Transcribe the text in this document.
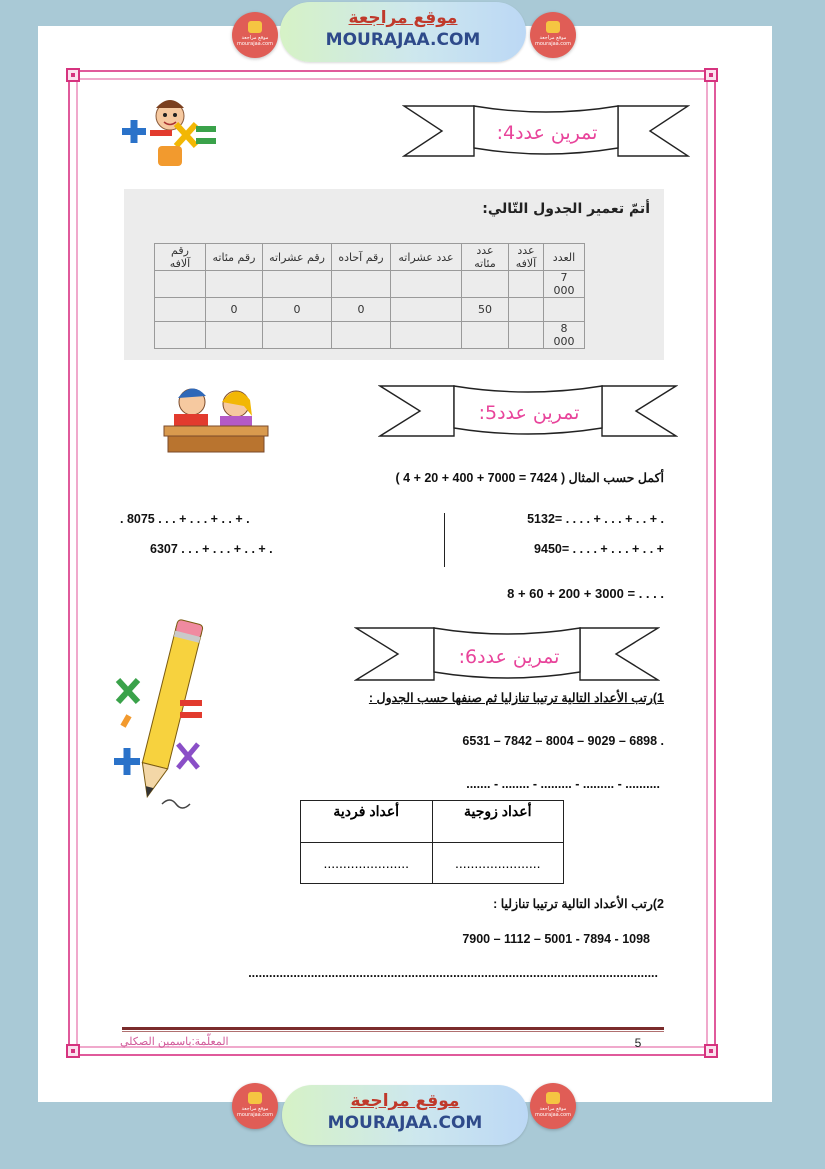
موقع مراجعة
MOURAJAA.COM
موقع مراجعة
mourajaa.com
موقع مراجعة
mourajaa.com
تمرين عدد4:
أتمّ تعمير الجدول التّالي:
العدد	عدد آلافه	عدد مئاته	عدد عشراته	رقم آحاده	رقم عشراته	رقم مئاته	رقم آلافه
7 000							
		50		0	0	0	
8 000							
تمرين عدد5:
أكمل حسب المثال ( 7424 = 7000 + 400 + 20 + 4 )
5132= . . . . + . . . + . . + .
9450= . . . . + . . . + . . +
. 8075 . . . + . . . + . . + .
6307 . . . + . . . + . . + .
8 + 60 + 200 + 3000 = . . . .
تمرين عدد6:
1)رتب الأعداد التالية ترتيبا تنازليا ثم صنفها حسب الجدول :
6531 – 7842 – 8004 – 9029 – 6898 .
....... - ........ - ......... - ......... - ..........
أعداد زوجية	أعداد فردية
......................	......................
2)رتب الأعداد التالية ترتيبا تنازليا :
7900 – 1112 – 5001 - 7894 - 1098
......................................................................................................................
المعلّمة:ياسمين الصكلي	5
موقع مراجعة
MOURAJAA.COM
موقع مراجعة
mourajaa.com
موقع مراجعة
mourajaa.com
